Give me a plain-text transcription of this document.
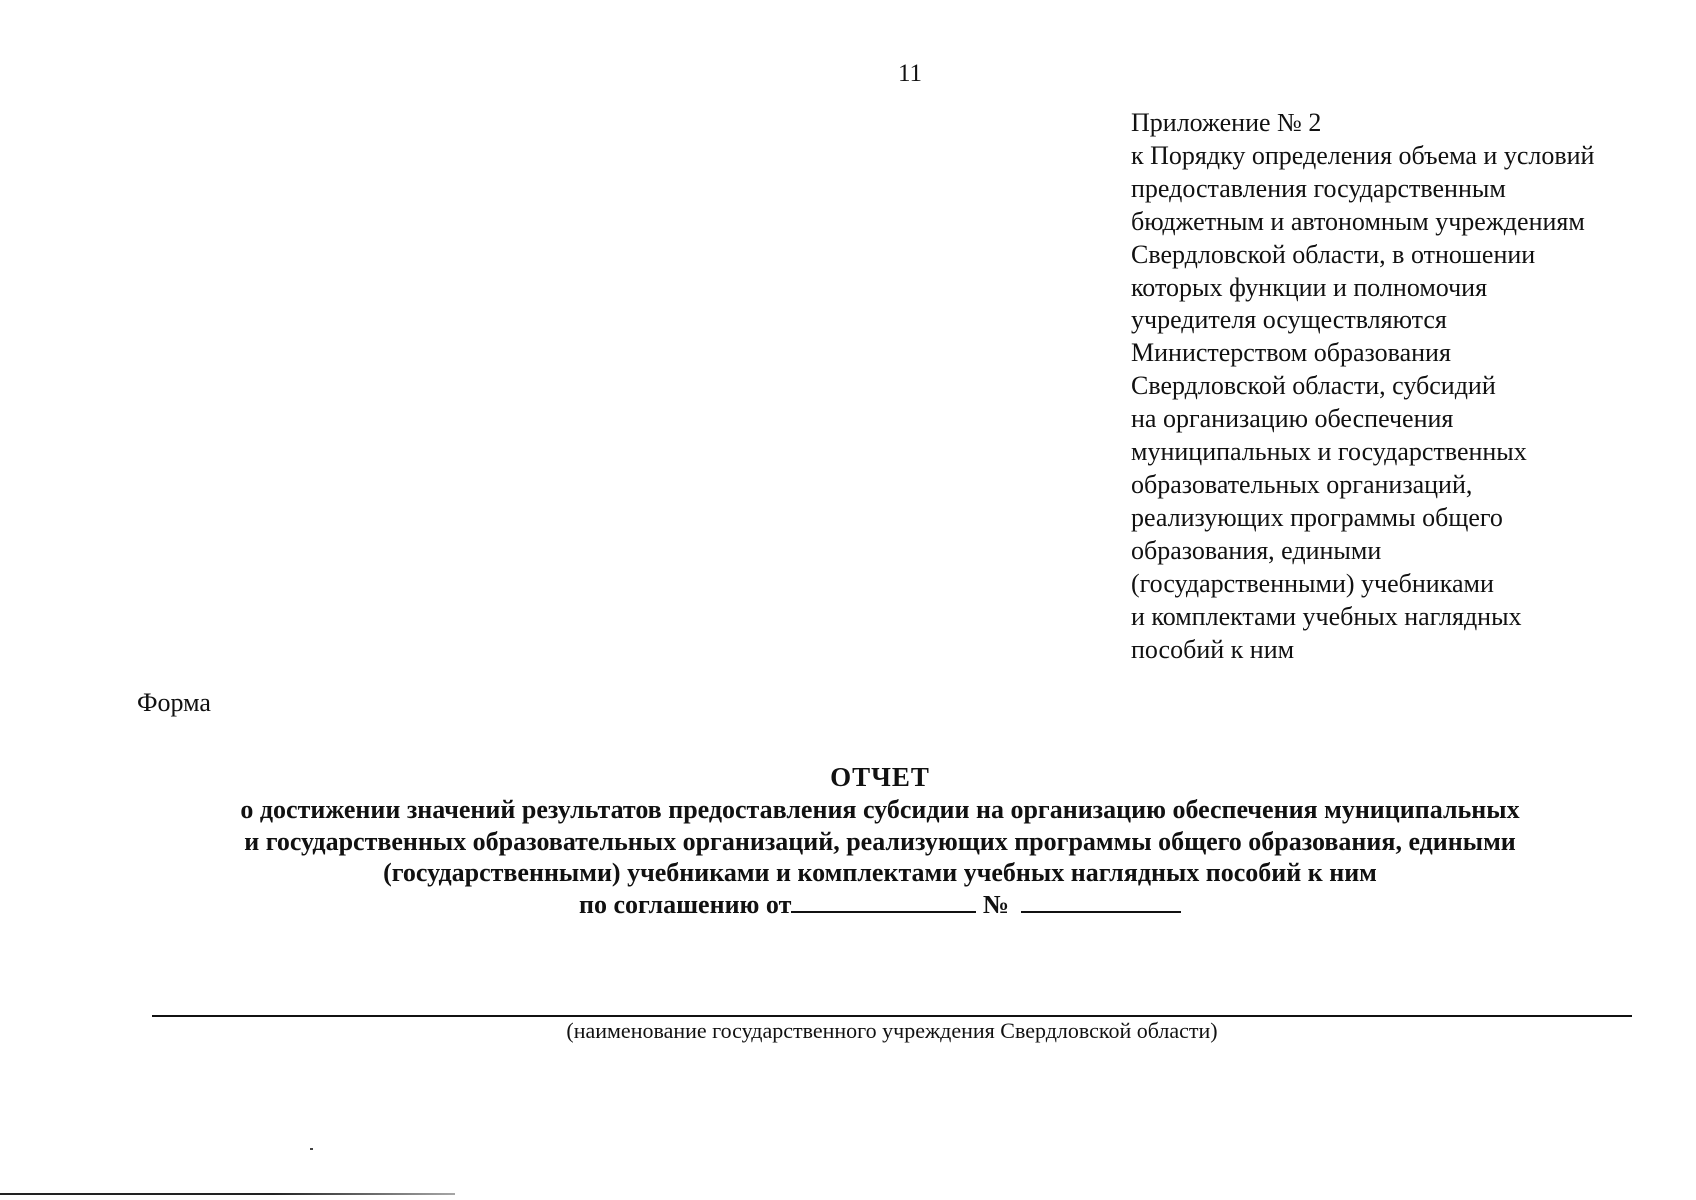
11
Приложение № 2
к Порядку определения объема и условий
предоставления государственным
бюджетным и автономным учреждениям
Свердловской области, в отношении
которых функции и полномочия
учредителя осуществляются
Министерством образования
Свердловской области, субсидий
на организацию обеспечения
муниципальных и государственных
образовательных организаций,
реализующих программы общего
образования, едиными
(государственными) учебниками
и комплектами учебных наглядных
пособий к ним
Форма
ОТЧЕТ
о достижении значений результатов предоставления субсидии на организацию обеспечения муниципальных
и государственных образовательных организаций, реализующих программы общего образования, едиными
(государственными) учебниками и комплектами учебных наглядных пособий к ним
по соглашению от	№
(наименование государственного учреждения Свердловской области)
